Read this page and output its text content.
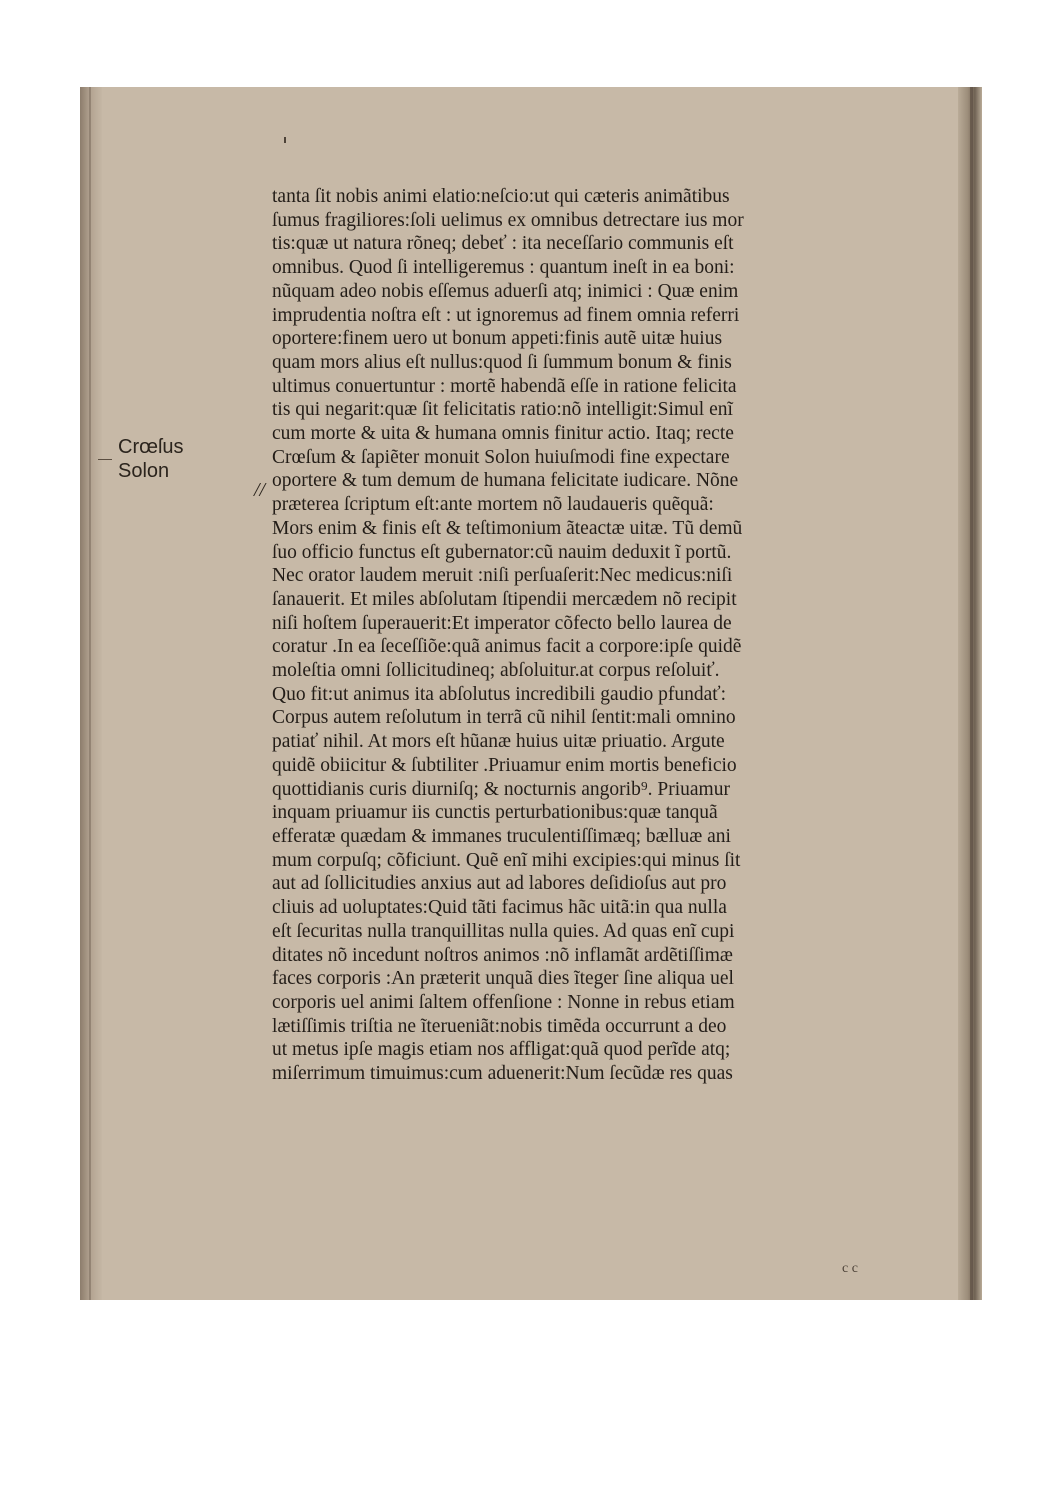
Crœſus
Solon
//
tanta ſit nobis animi elatio:neſcio:ut qui cæteris animãtibus
ſumus fragiliores:ſoli uelimus ex omnibus detrectare ius mor
tis:quæ ut natura rõneq; debeť : ita neceſſario communis eſt
omnibus. Quod ſi intelligeremus : quantum ineſt in ea boni:
nũquam adeo nobis eſſemus aduerſi atq; inimici : Quæ enim
imprudentia noſtra eſt : ut ignoremus ad finem omnia referri
oportere:finem uero ut bonum appeti:finis autẽ uitæ huius
quam mors alius eſt nullus:quod ſi ſummum bonum & finis
ultimus conuertuntur : mortẽ habendã eſſe in ratione felicita
tis qui negarit:quæ ſit felicitatis ratio:nõ intelligit:Simul enĩ
cum morte & uita & humana omnis finitur actio. Itaq; recte
Crœſum & ſapiẽter monuit Solon huiuſmodi fine expectare
oportere & tum demum de humana felicitate iudicare. Nõne
præterea ſcriptum eſt:ante mortem nõ laudaueris quẽquã:
Mors enim & finis eſt & teſtimonium ãteactæ uitæ. Tũ demũ
ſuo officio functus eſt gubernator:cũ nauim deduxit ĩ portũ.
Nec orator laudem meruit :niſi perſuaſerit:Nec medicus:niſi
ſanauerit. Et miles abſolutam ſtipendii mercædem nõ recipit
niſi hoſtem ſuperauerit:Et imperator cõfecto bello laurea de
coratur .In ea ſeceſſiõe:quã animus facit a corpore:ipſe quidẽ
moleſtia omni ſollicitudineq; abſoluitur.at corpus reſoluiť.
Quo fit:ut animus ita abſolutus incredibili gaudio pfundať:
Corpus autem reſolutum in terrã cũ nihil ſentit:mali omnino
patiať nihil. At mors eſt hũanæ huius uitæ priuatio. Argute
quidẽ obiicitur & ſubtiliter .Priuamur enim mortis beneficio
quottidianis curis diurniſq; & nocturnis angorib⁹. Priuamur
inquam priuamur iis cunctis perturbationibus:quæ tanquã
efferatæ quædam & immanes truculentiſſimæq; bælluæ ani
mum corpuſq; cõficiunt. Quẽ enĩ mihi excipies:qui minus ſit
aut ad ſollicitudies anxius aut ad labores deſidioſus aut pro
cliuis ad uoluptates:Quid tãti facimus hãc uitã:in qua nulla
eſt ſecuritas nulla tranquillitas nulla quies. Ad quas enĩ cupi
ditates nõ incedunt noſtros animos :nõ inflamãt ardẽtiſſimæ
faces corporis :An præterit unquã dies ĩteger ſine aliqua uel
corporis uel animi ſaltem offenſione : Nonne in rebus etiam
lætiſſimis triſtia ne ĩterueniãt:nobis timẽda occurrunt a deo
ut metus ipſe magis etiam nos affligat:quã quod perĩde atq;
miſerrimum timuimus:cum aduenerit:Num ſecũdæ res quas
c c
